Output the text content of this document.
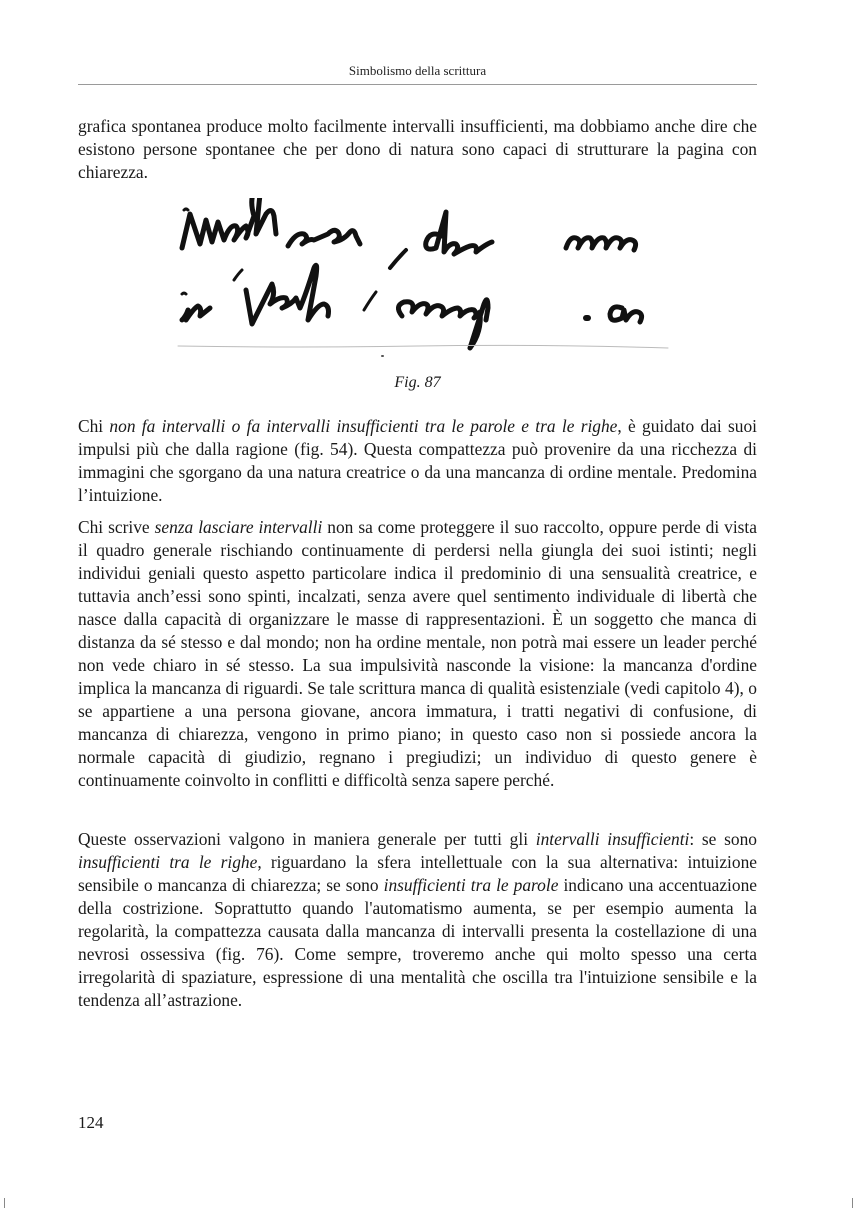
Simbolismo della scrittura

grafica spontanea produce molto facilmente intervalli insufficienti, ma dobbiamo anche dire che esistono persone spontanee che per dono di natura sono capaci di strutturare la pagina con chiarezza.

Fig. 87

Chi non fa intervalli o fa intervalli insufficienti tra le parole e tra le righe, è guidato dai suoi impulsi più che dalla ragione (fig. 54). Questa compattezza può provenire da una ricchezza di immagini che sgorgano da una natura creatrice o da una mancanza di ordine mentale. Predomina l’intuizione.

Chi scrive senza lasciare intervalli non sa come proteggere il suo raccolto, oppure perde di vista il quadro generale rischiando continuamente di perdersi nella giungla dei suoi istinti; negli individui geniali questo aspetto particolare indica il predominio di una sensualità creatrice, e tuttavia anch’essi sono spinti, incalzati, senza avere quel sentimento individuale di libertà che nasce dalla capacità di organizzare le masse di rappresentazioni. È un soggetto che manca di distanza da sé stesso e dal mondo; non ha ordine mentale, non potrà mai essere un leader perché non vede chiaro in sé stesso. La sua impulsività nasconde la visione: la mancanza d'ordine implica la mancanza di riguardi. Se tale scrittura manca di qualità esistenziale (vedi capitolo 4), o se appartiene a una persona giovane, ancora immatura, i tratti negativi di confusione, di mancanza di chiarezza, vengono in primo piano; in questo caso non si possiede ancora la normale capacità di giudizio, regnano i pregiudizi; un individuo di questo genere è continuamente coinvolto in conflitti e difficoltà senza sapere perché.

Queste osservazioni valgono in maniera generale per tutti gli intervalli insufficienti: se sono insufficienti tra le righe, riguardano la sfera intellettuale con la sua alternativa: intuizione sensibile o mancanza di chiarezza; se sono insufficienti tra le parole indicano una accentuazione della costrizione. Soprattutto quando l'automatismo aumenta, se per esempio aumenta la regolarità, la compattezza causata dalla mancanza di intervalli presenta la costellazione di una nevrosi ossessiva (fig. 76). Come sempre, troveremo anche qui molto spesso una certa irregolarità di spaziature, espressione di una mentalità che oscilla tra l'intuizione sensibile e la tendenza all’astrazione.

124
